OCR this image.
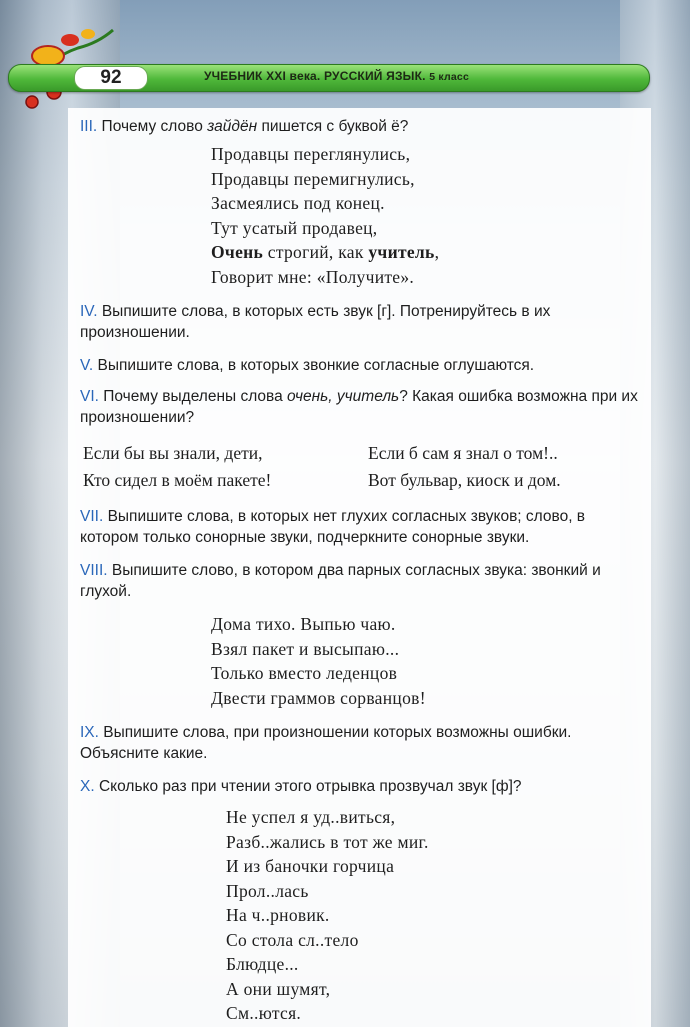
92	УЧЕБНИК XXI века. РУССКИЙ ЯЗЫК. 5 класс

III. Почему слово зайдён пишется с буквой ё?

Продавцы переглянулись,
Продавцы перемигнулись,
Засмеялись под конец.
Тут усатый продавец,
Очень строгий, как учитель,
Говорит мне: «Получите».

IV. Выпишите слова, в которых есть звук [г]. Потренируйтесь в их произношении.

V. Выпишите слова, в которых звонкие согласные оглушаются.

VI. Почему выделены слова очень, учитель? Какая ошибка возможна при их произношении?

Если бы вы знали, дети,
Кто сидел в моём пакете!
Если б сам я знал о том!..
Вот бульвар, киоск и дом.

VII. Выпишите слова, в которых нет глухих согласных звуков; слово, в котором только сонорные звуки, подчеркните сонорные звуки.

VIII. Выпишите слово, в котором два парных согласных звука: звонкий и глухой.

Дома тихо. Выпью чаю.
Взял пакет и высыпаю...
Только вместо леденцов
Двести граммов сорванцов!

IX. Выпишите слова, при произношении которых возможны ошибки. Объясните какие.

X. Сколько раз при чтении этого отрывка прозвучал звук [ф]?

Не успел я уд..виться,
Разб..жались в тот же миг.
И из баночки горчица
Прол..лась
На ч..рновик.
Со стола сл..тело
Блюдце...
А они шумят,
См..ются.
